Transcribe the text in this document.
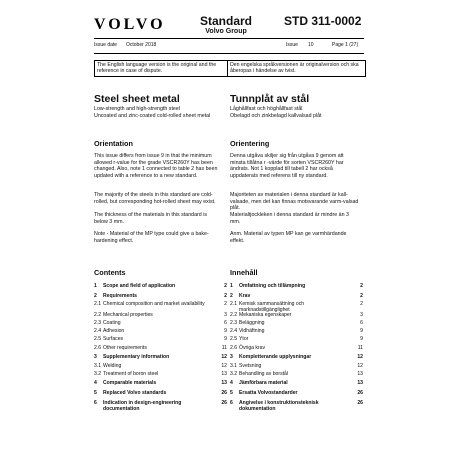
VOLVO	Standard
Volvo Group
STD 311-0002
Issue date October 2018	Issue 10	Page 1 (27)
The English language version is the original and the reference in case of dispute.
Den engelska språkversionen är originalversion och ska åberopas i händelse av tvist.
Steel sheet metal
Low-strength and high-strength steel
Uncoated and zinc-coated cold-rolled sheet metal
Orientation
This issue differs from issue 9 in that the minimum allowed r-value for the grade VSCR260Y has been changed. Also, note 1 connected to table 2 has been updated with a reference to a new standard.
The majority of the steels in this standard are cold-rolled, but corresponding hot-rolled sheet may exist.
The thickness of the materials in this standard is below 3 mm.
Note - Material of the MP type could give a bake-hardening effect.
Tunnplåt av stål
Låghållfast och höghållfast stål
Obelagd och zinkbelagd kallvalsad plåt
Orientering
Denna utgåva skiljer sig från utgåva 9 genom att minsta tillåtna r -värde för sorten VSCR260Y har ändrats. Not 1 kopplad till tabell 2 har också uppdaterats med referens till ny standard.
Majoriteten av materialen i denna standard är kall-valsade, men det kan finnas motsvarande varm-valsad plåt.
Materialtjockleken i denna standard är mindre än 3 mm.
Anm. Material av typen MP kan ge varmhärdande effekt.
Contents	Innehåll
1 Scope and field of application	2
2 Requirements	2
2.1 Chemical composition and market availability	2
2.2 Mechanical properties	3
2.3 Coating	6
2.4 Adhesion	9
2.5 Surfaces	9
2.6 Other requirements	11
3 Supplementary information	12
3.1 Welding	12
3.2 Treatment of boron steel	13
4 Comparable materials	13
5 Replaced Volvo standards	26
6 Indication in design-engineering documentation
26
1 Omfattning och tillämpning	2
2 Krav	2
2.1 Kemisk sammansättning och marknadstillgänglighet
2
2.2 Mekaniska egenskaper	3
2.3 Beläggning	6
2.4 Vidhäftning	9
2.5 Ytor	9
2.6 Övriga krav	11
3 Kompletterande upplysningar	12
3.1 Svetsning	12
3.2 Behandling av borstål	13
4 Jämförbara material	13
5 Ersatta Volvostandarder	26
6 Angivelse i konstruktionsteknisk dokumentation
26
